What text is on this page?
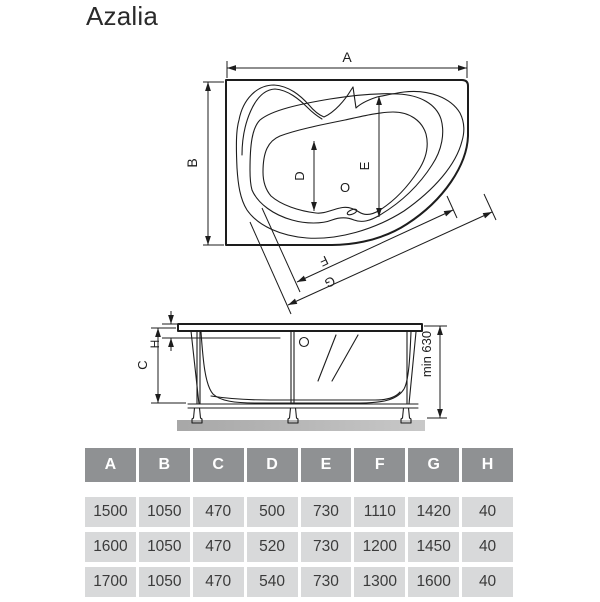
Azalia
O
A
B
D
E
F
G
H
C	min 630
A	B	C	D	E	F	G	H
1500	1050	470	500	730	1110	1420	40
1600	1050	470	520	730	1200	1450	40
1700	1050	470	540	730	1300	1600	40
